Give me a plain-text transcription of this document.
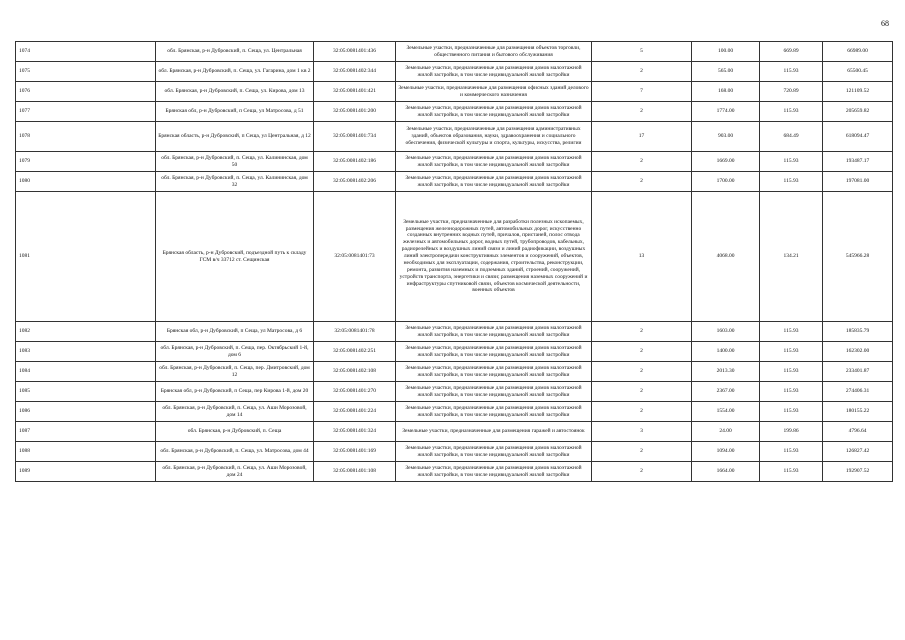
68
1074	обл. Брянская, р-н Дубровский, п. Сеща, ул. Центральная	32:05:0081401:436	Земельные участки, предназначенные для размещения объектов торговли, общественного питания и бытового обслуживания	5	100.00	669.89	66989.00
1075	обл. Брянская, р-н Дубровский, п. Сеща, ул. Гагарина, дом 1 кв 2	32:05:0081402:344	Земельные участки, предназначенные для размещения домов малоэтажной жилой застройки, в том числе индивидуальной жилой застройки	2	565.00	115.93	65500.45
1076	обл. Брянская, р-н Дубровский, п. Сеща, ул. Кирова, дом 13	32:05:0081401:421	Земельные участки, предназначенные для размещения офисных зданий делового и коммерческого назначения	7	168.00	720.89	121109.52
1077	Брянская обл, р-н Дубровский, п Сеща, ул Матросова, д 51	32:05:0081401:200	Земельные участки, предназначенные для размещения домов малоэтажной жилой застройки, в том числе индивидуальной жилой застройки	2	1774.00	115.93	205659.82
1078	Брянская область, р-н Дубровский, п Сеща, ул Центральная, д 12	32:05:0081401:734	Земельные участки, предназначенные для размещения административных зданий, объектов образования, науки, здравоохранения и социального обеспечения, физической культуры и спорта, культуры, искусства, религии	17	903.00	684.49	618094.47
1079	обл. Брянская, р-н Дубровский, п. Сеща, ул. Калининская, дом 50	32:05:0081402:186	Земельные участки, предназначенные для размещения домов малоэтажной жилой застройки, в том числе индивидуальной жилой застройки	2	1669.00	115.93	193487.17
1080	обл. Брянская, р-н Дубровский, п. Сеща, ул. Калининская, дом 32	32:05:0081402:206	Земельные участки, предназначенные для размещения домов малоэтажной жилой застройки, в том числе индивидуальной жилой застройки	2	1700.00	115.93	197081.00
1081	Брянская область, р-н Дубровский, подъездной путь к складу ГСМ в/ч 33712 ст. Сещинская	32:05:0081401:73	Земельные участки, предназначенные для разработки полезных ископаемых, размещения железнодорожных путей, автомобильных дорог, искусственно созданных внутренних водных путей, причалов, пристаней, полос отвода железных и автомобильных дорог, водных путей, трубопроводов, кабельных, радиорелейных и воздушных линий связи и линий радиофикации, воздушных линий электропередачи конструктивных элементов и сооружений, объектов, необходимых для эксплуатации, содержания, строительства, реконструкции, ремонта, развития наземных и подземных зданий, строений, сооружений, устройств транспорта, энергетики и связи; размещения наземных сооружений и инфраструктуры спутниковой связи, объектов космической деятельности, военных объектов	13	4068.00	134.21	545966.28
1082	Брянская обл, р-н Дубровский, п Сеща, ул Матросова, д 6	32:05:0081401:78	Земельные участки, предназначенные для размещения домов малоэтажной жилой застройки, в том числе индивидуальной жилой застройки	2	1603.00	115.93	185835.79
1083	обл. Брянская, р-н Дубровский, п. Сеща, пер. Октябрьский 1-й, дом 6	32:05:0081402:251	Земельные участки, предназначенные для размещения домов малоэтажной жилой застройки, в том числе индивидуальной жилой застройки	2	1400.00	115.93	162302.00
1084	обл. Брянская, р-н Дубровский, п. Сеща, пер. Дмитровский, дом 12	32:05:0081402:108	Земельные участки, предназначенные для размещения домов малоэтажной жилой застройки, в том числе индивидуальной жилой застройки	2	2013.30	115.93	233401.87
1085	Брянская обл, р-н Дубровский, п Сеща, пер Кирова 1-й, дом 20	32:05:0081401:270	Земельные участки, предназначенные для размещения домов малоэтажной жилой застройки, в том числе индивидуальной жилой застройки	2	2367.00	115.93	274406.31
1086	обл. Брянская, р-н Дубровский, п. Сеща, ул. Аши Морозовой, дом 14	32:05:0081401:224	Земельные участки, предназначенные для размещения домов малоэтажной жилой застройки, в том числе индивидуальной жилой застройки	2	1554.00	115.93	180155.22
1087	обл. Брянская, р-н Дубровский, п. Сеща	32:05:0081401:324	Земельные участки, предназначенные для размещения гаражей и автостоянок	3	24.00	199.86	4796.64
1088	обл. Брянская, р-н Дубровский, п. Сеща, ул. Матросова, дом 44	32:05:0081401:169	Земельные участки, предназначенные для размещения домов малоэтажной жилой застройки, в том числе индивидуальной жилой застройки	2	1094.00	115.93	126827.42
1089	обл. Брянская, р-н Дубровский, п. Сеща, ул. Аши Морозовой, дом 24	32:05:0081401:108	Земельные участки, предназначенные для размещения домов малоэтажной жилой застройки, в том числе индивидуальной жилой застройки	2	1664.00	115.93	192907.52
